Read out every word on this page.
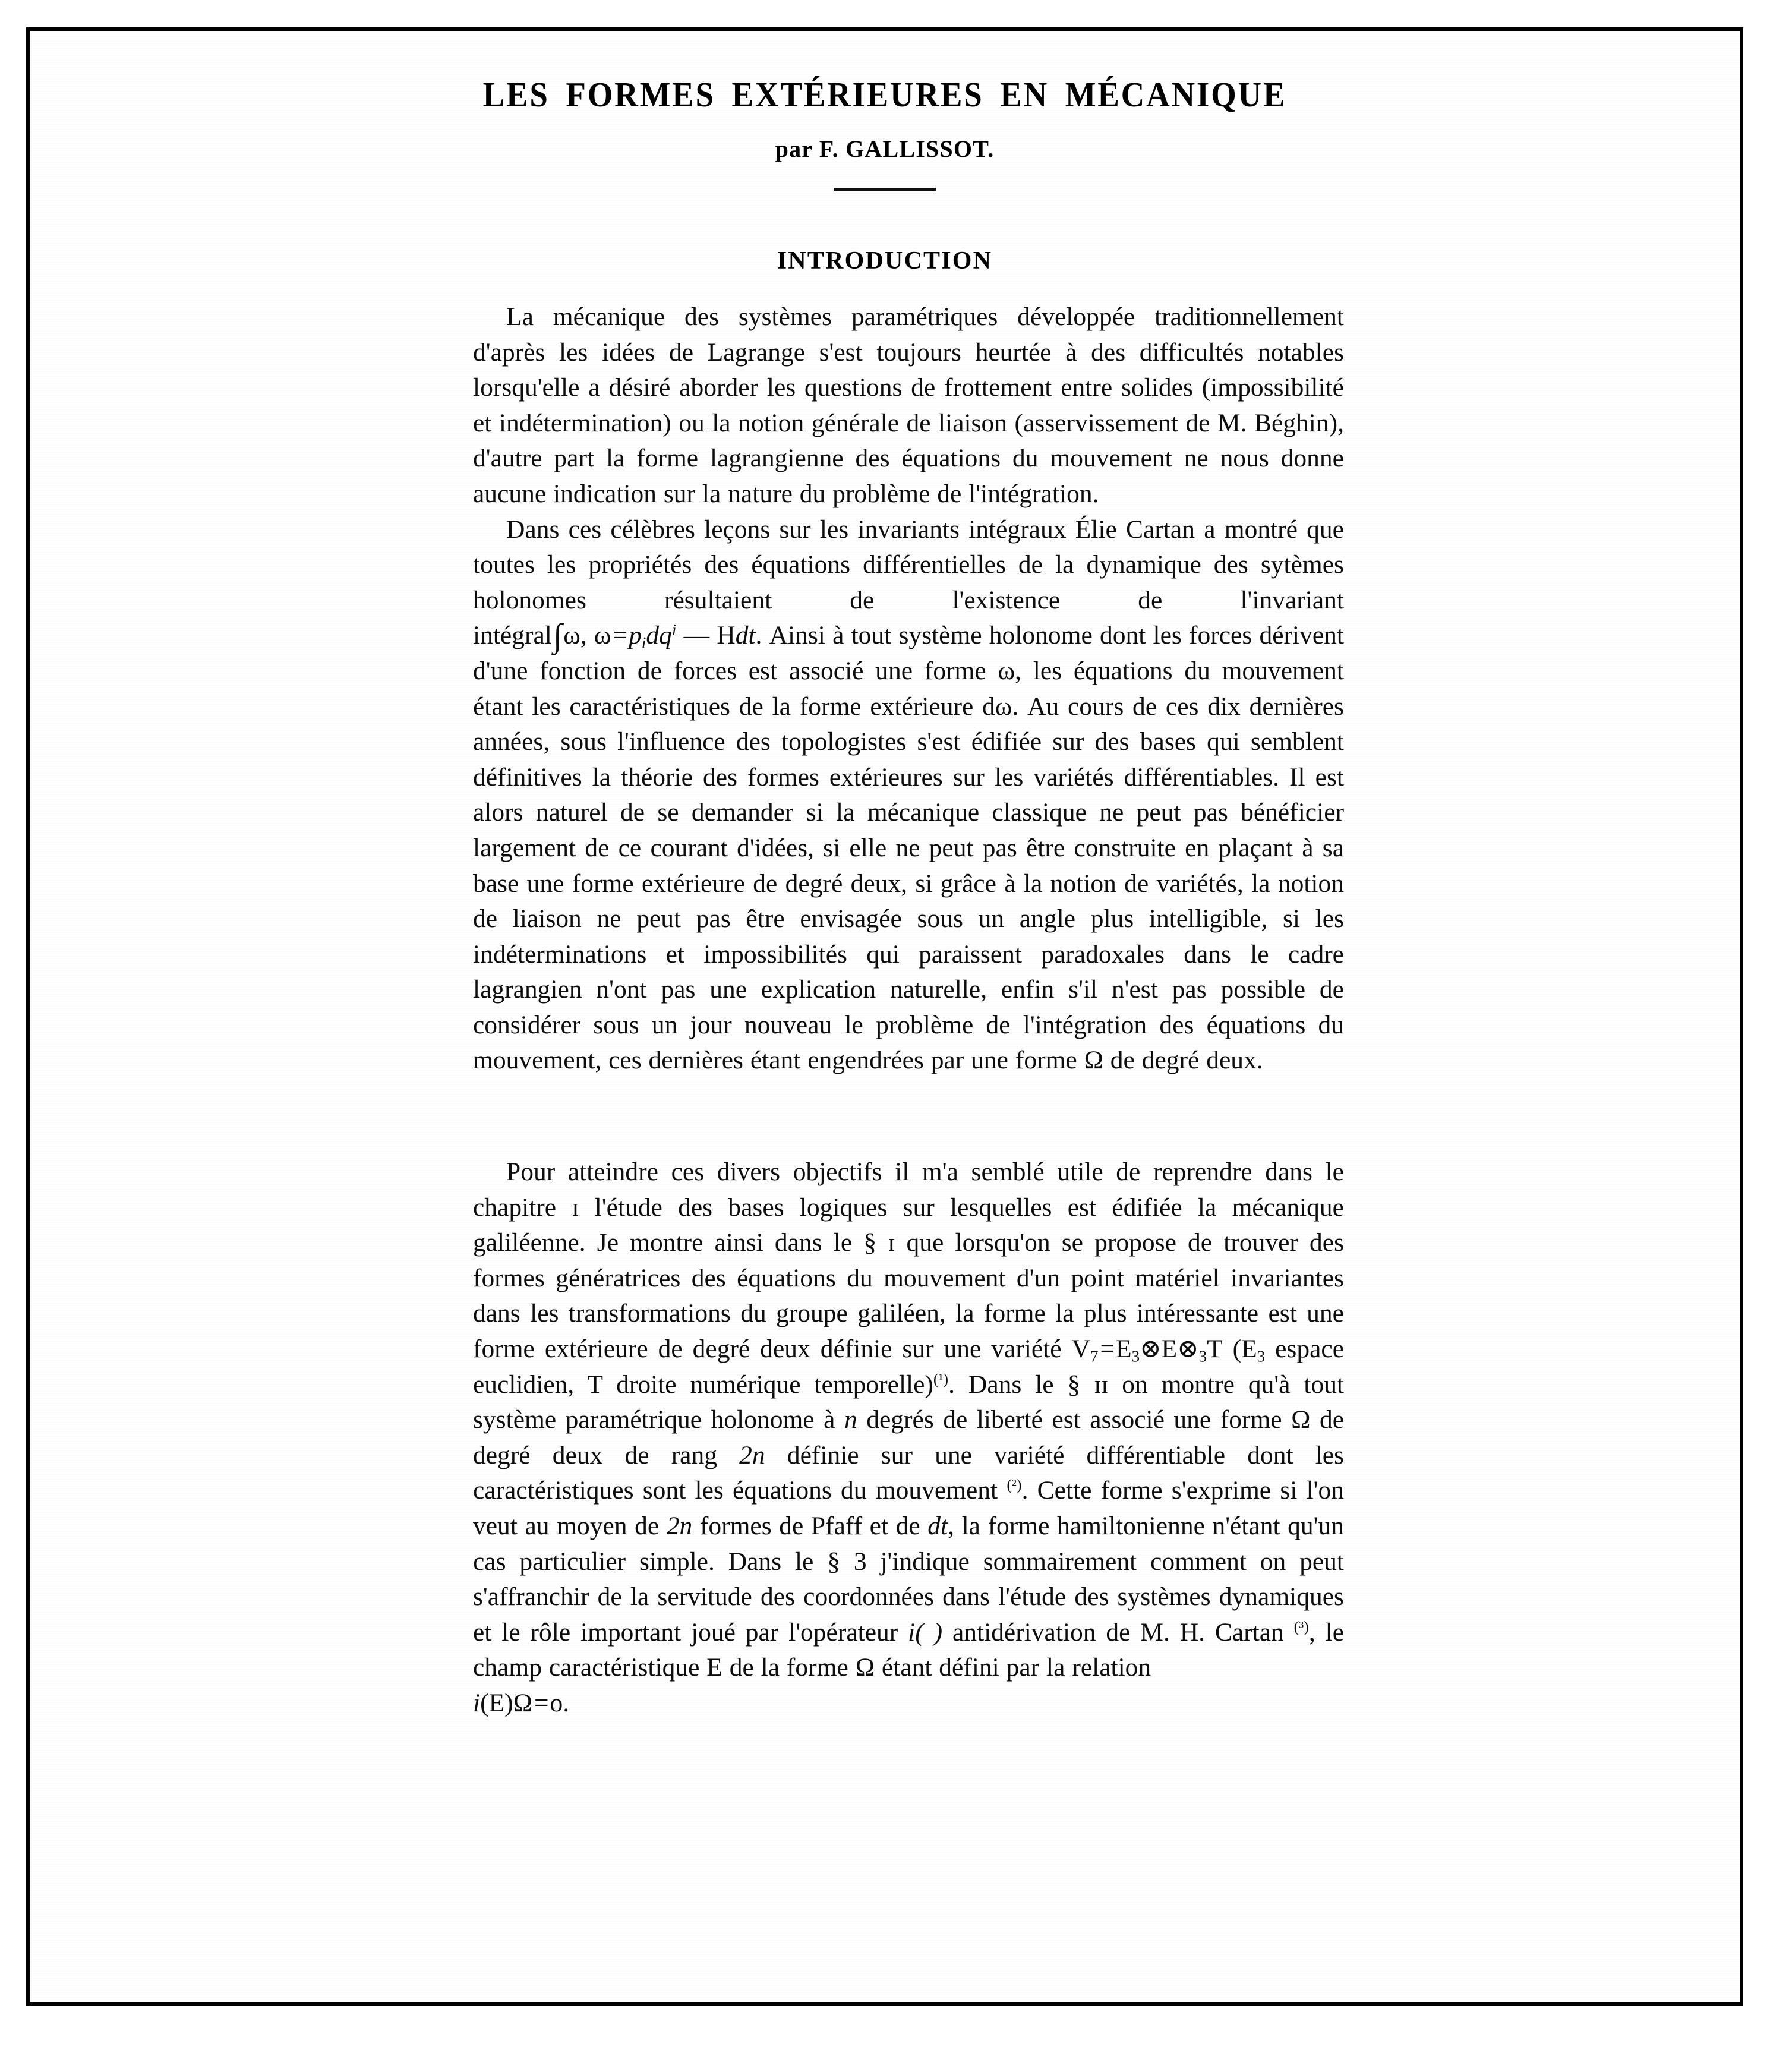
LES FORMES EXTÉRIEURES EN MÉCANIQUE
par F. GALLISSOT.
INTRODUCTION

La mécanique des systèmes paramétriques développée traditionnellement d'après les idées de Lagrange s'est toujours heurtée à des difficultés notables lorsqu'elle a désiré aborder les questions de frottement entre solides (impossibilité et indétermination) ou la notion générale de liaison (asservissement de M. Béghin), d'autre part la forme lagrangienne des équations du mouvement ne nous donne aucune indication sur la nature du problème de l'intégration.

Dans ces célèbres leçons sur les invariants intégraux Élie Cartan a montré que toutes les propriétés des équations différentielles de la dynamique des sytèmes holonomes résultaient de l'existence de l'invariant intégral∫ω, $\omega=p_idq^i$ — Hdt. Ainsi à tout système holonome dont les forces dérivent d'une fonction de forces est associé une forme ω, les équations du mouvement étant les caractéristiques de la forme extérieure dω. Au cours de ces dix dernières années, sous l'influence des topologistes s'est édifiée sur des bases qui semblent définitives la théorie des formes extérieures sur les variétés différentiables. Il est alors naturel de se demander si la mécanique classique ne peut pas bénéficier largement de ce courant d'idées, si elle ne peut pas être construite en plaçant à sa base une forme extérieure de degré deux, si grâce à la notion de variétés, la notion de liaison ne peut pas être envisagée sous un angle plus intelligible, si les indéterminations et impossibilités qui paraissent paradoxales dans le cadre lagrangien n'ont pas une explication naturelle, enfin s'il n'est pas possible de considérer sous un jour nouveau le problème de l'intégration des équations du mouvement, ces dernières étant engendrées par une forme Ω de degré deux.

Pour atteindre ces divers objectifs il m'a semblé utile de reprendre dans le chapitre ɪ l'étude des bases logiques sur lesquelles est édifiée la mécanique galiléenne. Je montre ainsi dans le § ɪ que lorsqu'on se propose de trouver des formes génératrices des équations du mouvement d'un point matériel invariantes dans les transformations du groupe galiléen, la forme la plus intéressante est une forme extérieure de degré deux définie sur une variété $V_7=E_3\otimes E\otimes_3T$ ($E_3$ espace euclidien, T droite numérique temporelle)$^{(^1)}$. Dans le § ɪɪ on montre qu'à tout système paramétrique holonome à n degrés de liberté est associé une forme Ω de degré deux de rang 2n définie sur une variété différentiable dont les caractéristiques sont les équations du mouvement $^{(^2)}$. Cette forme s'exprime si l'on veut au moyen de 2n formes de Pfaff et de dt, la forme hamiltonienne n'étant qu'un cas particulier simple. Dans le § 3 j'indique sommairement comment on peut s'affranchir de la servitude des coordonnées dans l'étude des systèmes dynamiques et le rôle important joué par l'opérateur i( ) antidérivation de M. H. Cartan $^{(^3)}$, le champ caractéristique E de la forme Ω étant défini par la relation
i(E)Ω=o.
